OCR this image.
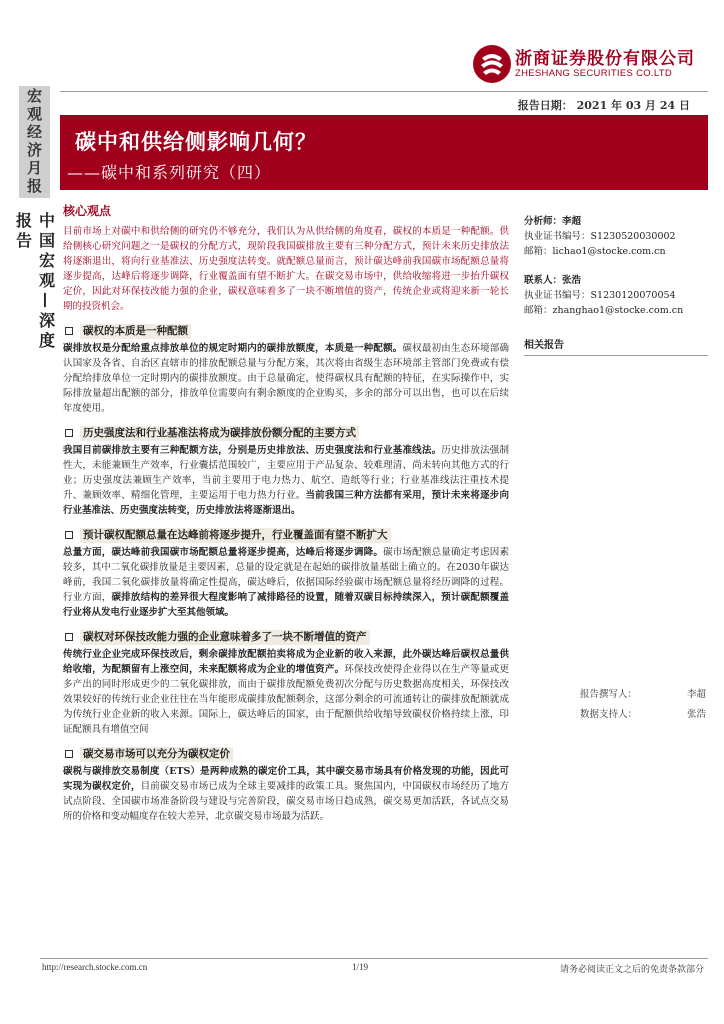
浙商证券股份有限公司
ZHESHANG SECURITIES CO.LTD
宏观经济月报
中国宏观—深度报告
报告日期： 2021 年 03 月 24 日
碳中和供给侧影响几何？
——碳中和系列研究（四）
核心观点

目前市场上对碳中和供给侧的研究仍不够充分，我们认为从供给侧的角度看，碳权的本质是一种配额。供给侧核心研究问题之一是碳权的分配方式，现阶段我国碳排放主要有三种分配方式，预计未来历史排放法将逐渐退出，将向行业基准法、历史强度法转变。就配额总量而言，预计碳达峰前我国碳市场配额总量将逐步提高，达峰后将逐步调降，行业覆盖面有望不断扩大。在碳交易市场中，供给收缩将进一步抬升碳权定价，因此对环保技改能力强的企业，碳权意味着多了一块不断增值的资产，传统企业或将迎来新一轮长期的投资机会。

碳权的本质是一种配额

碳排放权是分配给重点排放单位的规定时期内的碳排放额度，本质是一种配额。碳权最初由生态环境部确认国家及各省、自治区直辖市的排放配额总量与分配方案，其次将由省级生态环境部主管部门免费或有偿分配给排放单位一定时期内的碳排放额度。由于总量确定，使得碳权具有配额的特征，在实际操作中，实际排放量超出配额的部分，排放单位需要向有剩余额度的企业购买，多余的部分可以出售，也可以在后续年度使用。

历史强度法和行业基准法将成为碳排放份额分配的主要方式

我国目前碳排放主要有三种配额方法，分别是历史排放法、历史强度法和行业基准线法。历史排放法强制性大，未能兼顾生产效率，行业囊括范围较广，主要应用于产品复杂、较难理清、尚未转向其他方式的行业；历史强度法兼顾生产效率，当前主要用于电力热力、航空、造纸等行业；行业基准线法注重技术提升、兼顾效率、精细化管理，主要运用于电力热力行业。当前我国三种方法都有采用，预计未来将逐步向行业基准法、历史强度法转变，历史排放法将逐渐退出。

预计碳权配额总量在达峰前将逐步提升，行业覆盖面有望不断扩大

总量方面，碳达峰前我国碳市场配额总量将逐步提高，达峰后将逐步调降。碳市场配额总量确定考虑因素较多，其中二氧化碳排放量是主要因素，总量的设定就是在起始的碳排放量基础上确立的。在2030年碳达峰前，我国二氧化碳排放量将确定性提高，碳达峰后，依据国际经验碳市场配额总量将经历调降的过程。行业方面，碳排放结构的差异很大程度影响了减排路径的设置，随着双碳目标持续深入，预计碳配额覆盖行业将从发电行业逐步扩大至其他领域。

碳权对环保技改能力强的企业意味着多了一块不断增值的资产

传统行业企业完成环保技改后，剩余碳排放配额拍卖将成为企业新的收入来源，此外碳达峰后碳权总量供给收缩，为配额留有上涨空间，未来配额将成为企业的增值资产。环保技改使得企业得以在生产等量或更多产出的同时形成更少的二氧化碳排放，而由于碳排放配额免费初次分配与历史数据高度相关，环保技改效果较好的传统行业企业往往在当年能形成碳排放配额剩余，这部分剩余的可流通转让的碳排放配额就成为传统行业企业新的收入来源。国际上，碳达峰后的国家，由于配额供给收缩导致碳权价格持续上涨，印证配额具有增值空间

碳交易市场可以充分为碳权定价

碳税与碳排放交易制度（ETS）是两种成熟的碳定价工具，其中碳交易市场具有价格发现的功能，因此可实现为碳权定价，目前碳交易市场已成为全球主要减排的政策工具。聚焦国内，中国碳权市场经历了地方试点阶段、全国碳市场准备阶段与建设与完善阶段，碳交易市场日趋成熟，碳交易更加活跃，各试点交易所的价格和变动幅度存在较大差异，北京碳交易市场最为活跃。

分析师：李超
执业证书编号：S1230520030002
邮箱：lichao1@stocke.com.cn
联系人：张浩
执业证书编号：S1230120070054
邮箱：zhanghao1@stocke.com.cn
相关报告
报告撰写人：	李超
数据支持人：	张浩
http://research.stocke.com.cn	1/19	请务必阅读正文之后的免责条款部分
